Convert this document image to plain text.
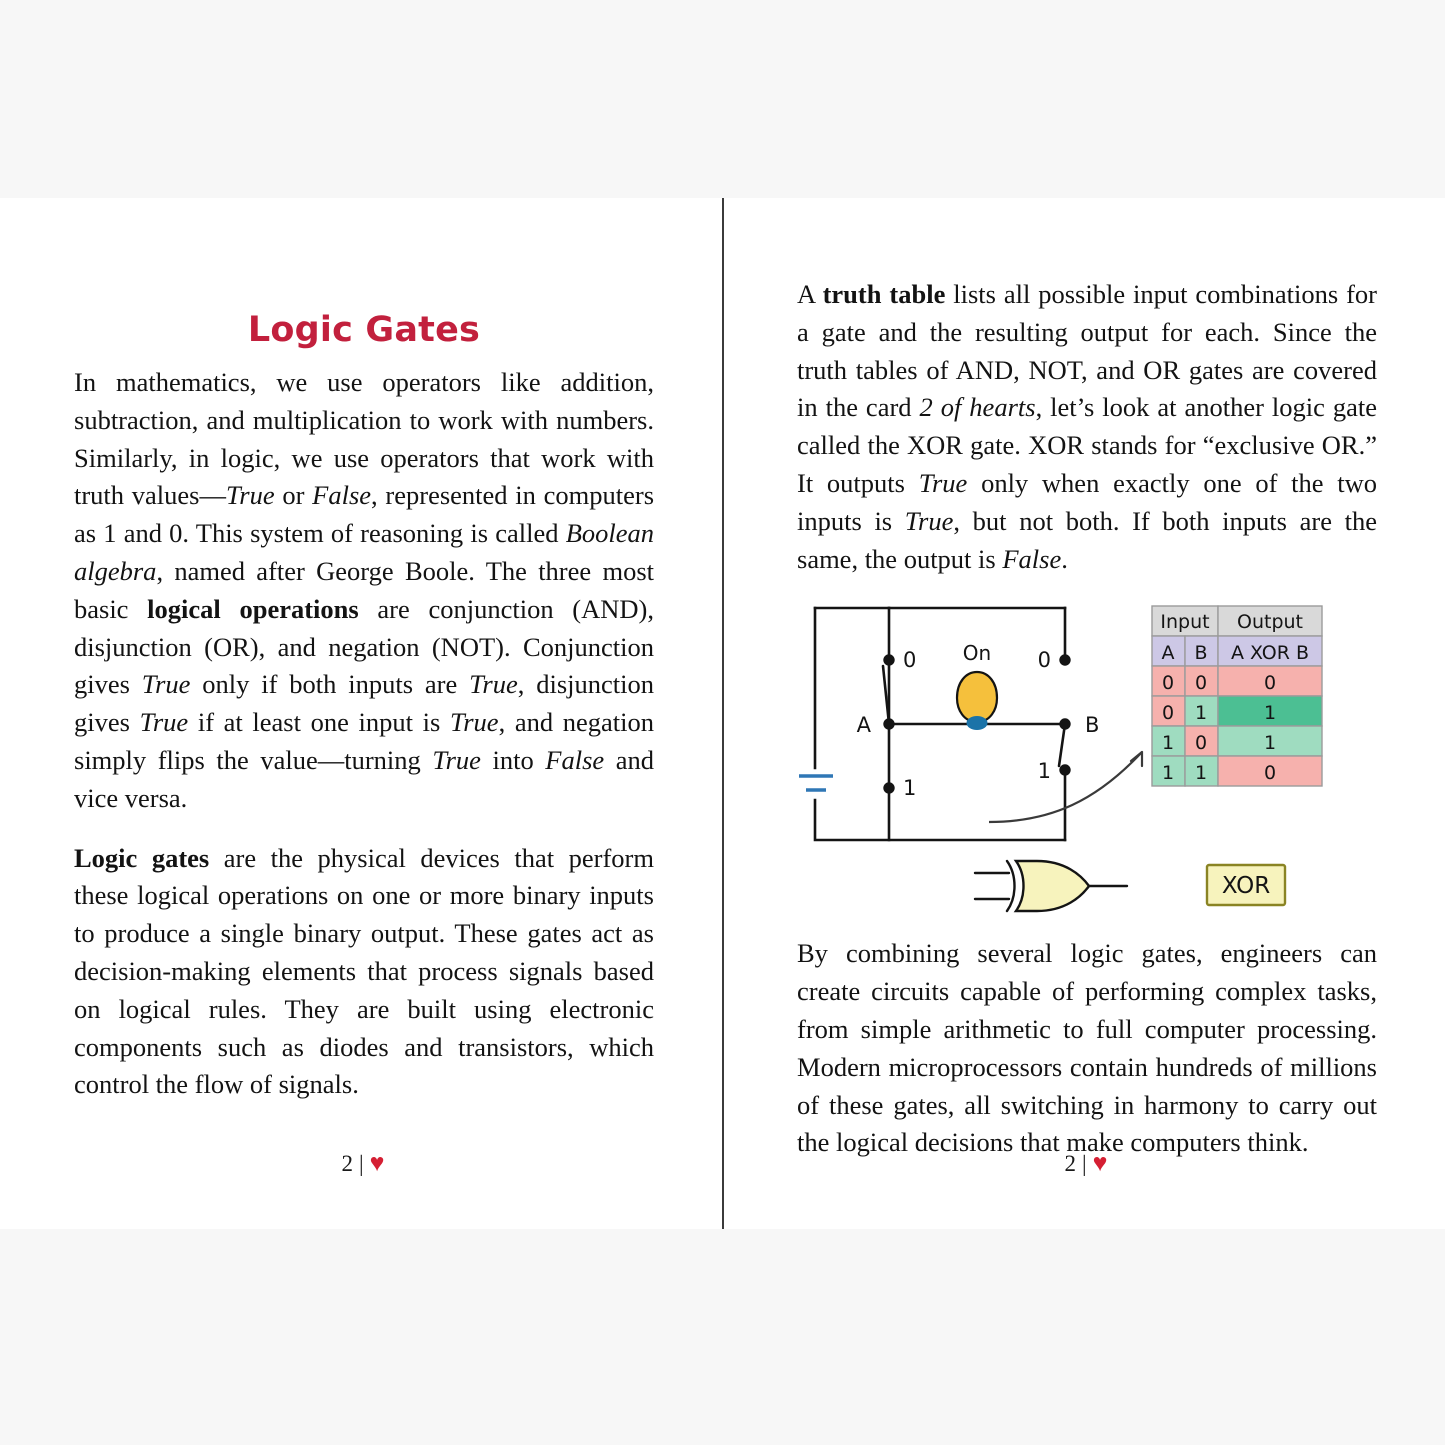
Logic Gates

In mathematics, we use operators like addition, subtraction, and multiplication to work with numbers. Similarly, in logic, we use operators that work with truth values—True or False, represented in computers as 1 and 0. This system of reasoning is called Boolean algebra, named after George Boole. The three most basic logical operations are conjunction (AND), disjunction (OR), and negation (NOT). Conjunction gives True only if both inputs are True, disjunction gives True if at least one input is True, and negation simply flips the value—turning True into False and vice versa.

Logic gates are the physical devices that perform these logical operations on one or more binary inputs to produce a single binary output. These gates act as decision-making elements that process signals based on logical rules. They are built using electronic components such as diodes and transistors, which control the flow of signals.

2 | ♥

A truth table lists all possible input combinations for a gate and the resulting output for each. Since the truth tables of AND, NOT, and OR gates are covered in the card 2 of hearts, let’s look at another logic gate called the XOR gate. XOR stands for “exclusive OR.” It outputs True only when exactly one of the two inputs is True, but not both. If both inputs are the same, the output is False.

On
A	B
0
1
0
1
Input Output
A B A XOR B
0 0	0
0 1	1
1 0	1
1 1	0
XOR

By combining several logic gates, engineers can create circuits capable of performing complex tasks, from simple arithmetic to full computer processing. Modern microprocessors contain hundreds of millions of these gates, all switching in harmony to carry out the logical decisions that make computers think.

2 | ♥
